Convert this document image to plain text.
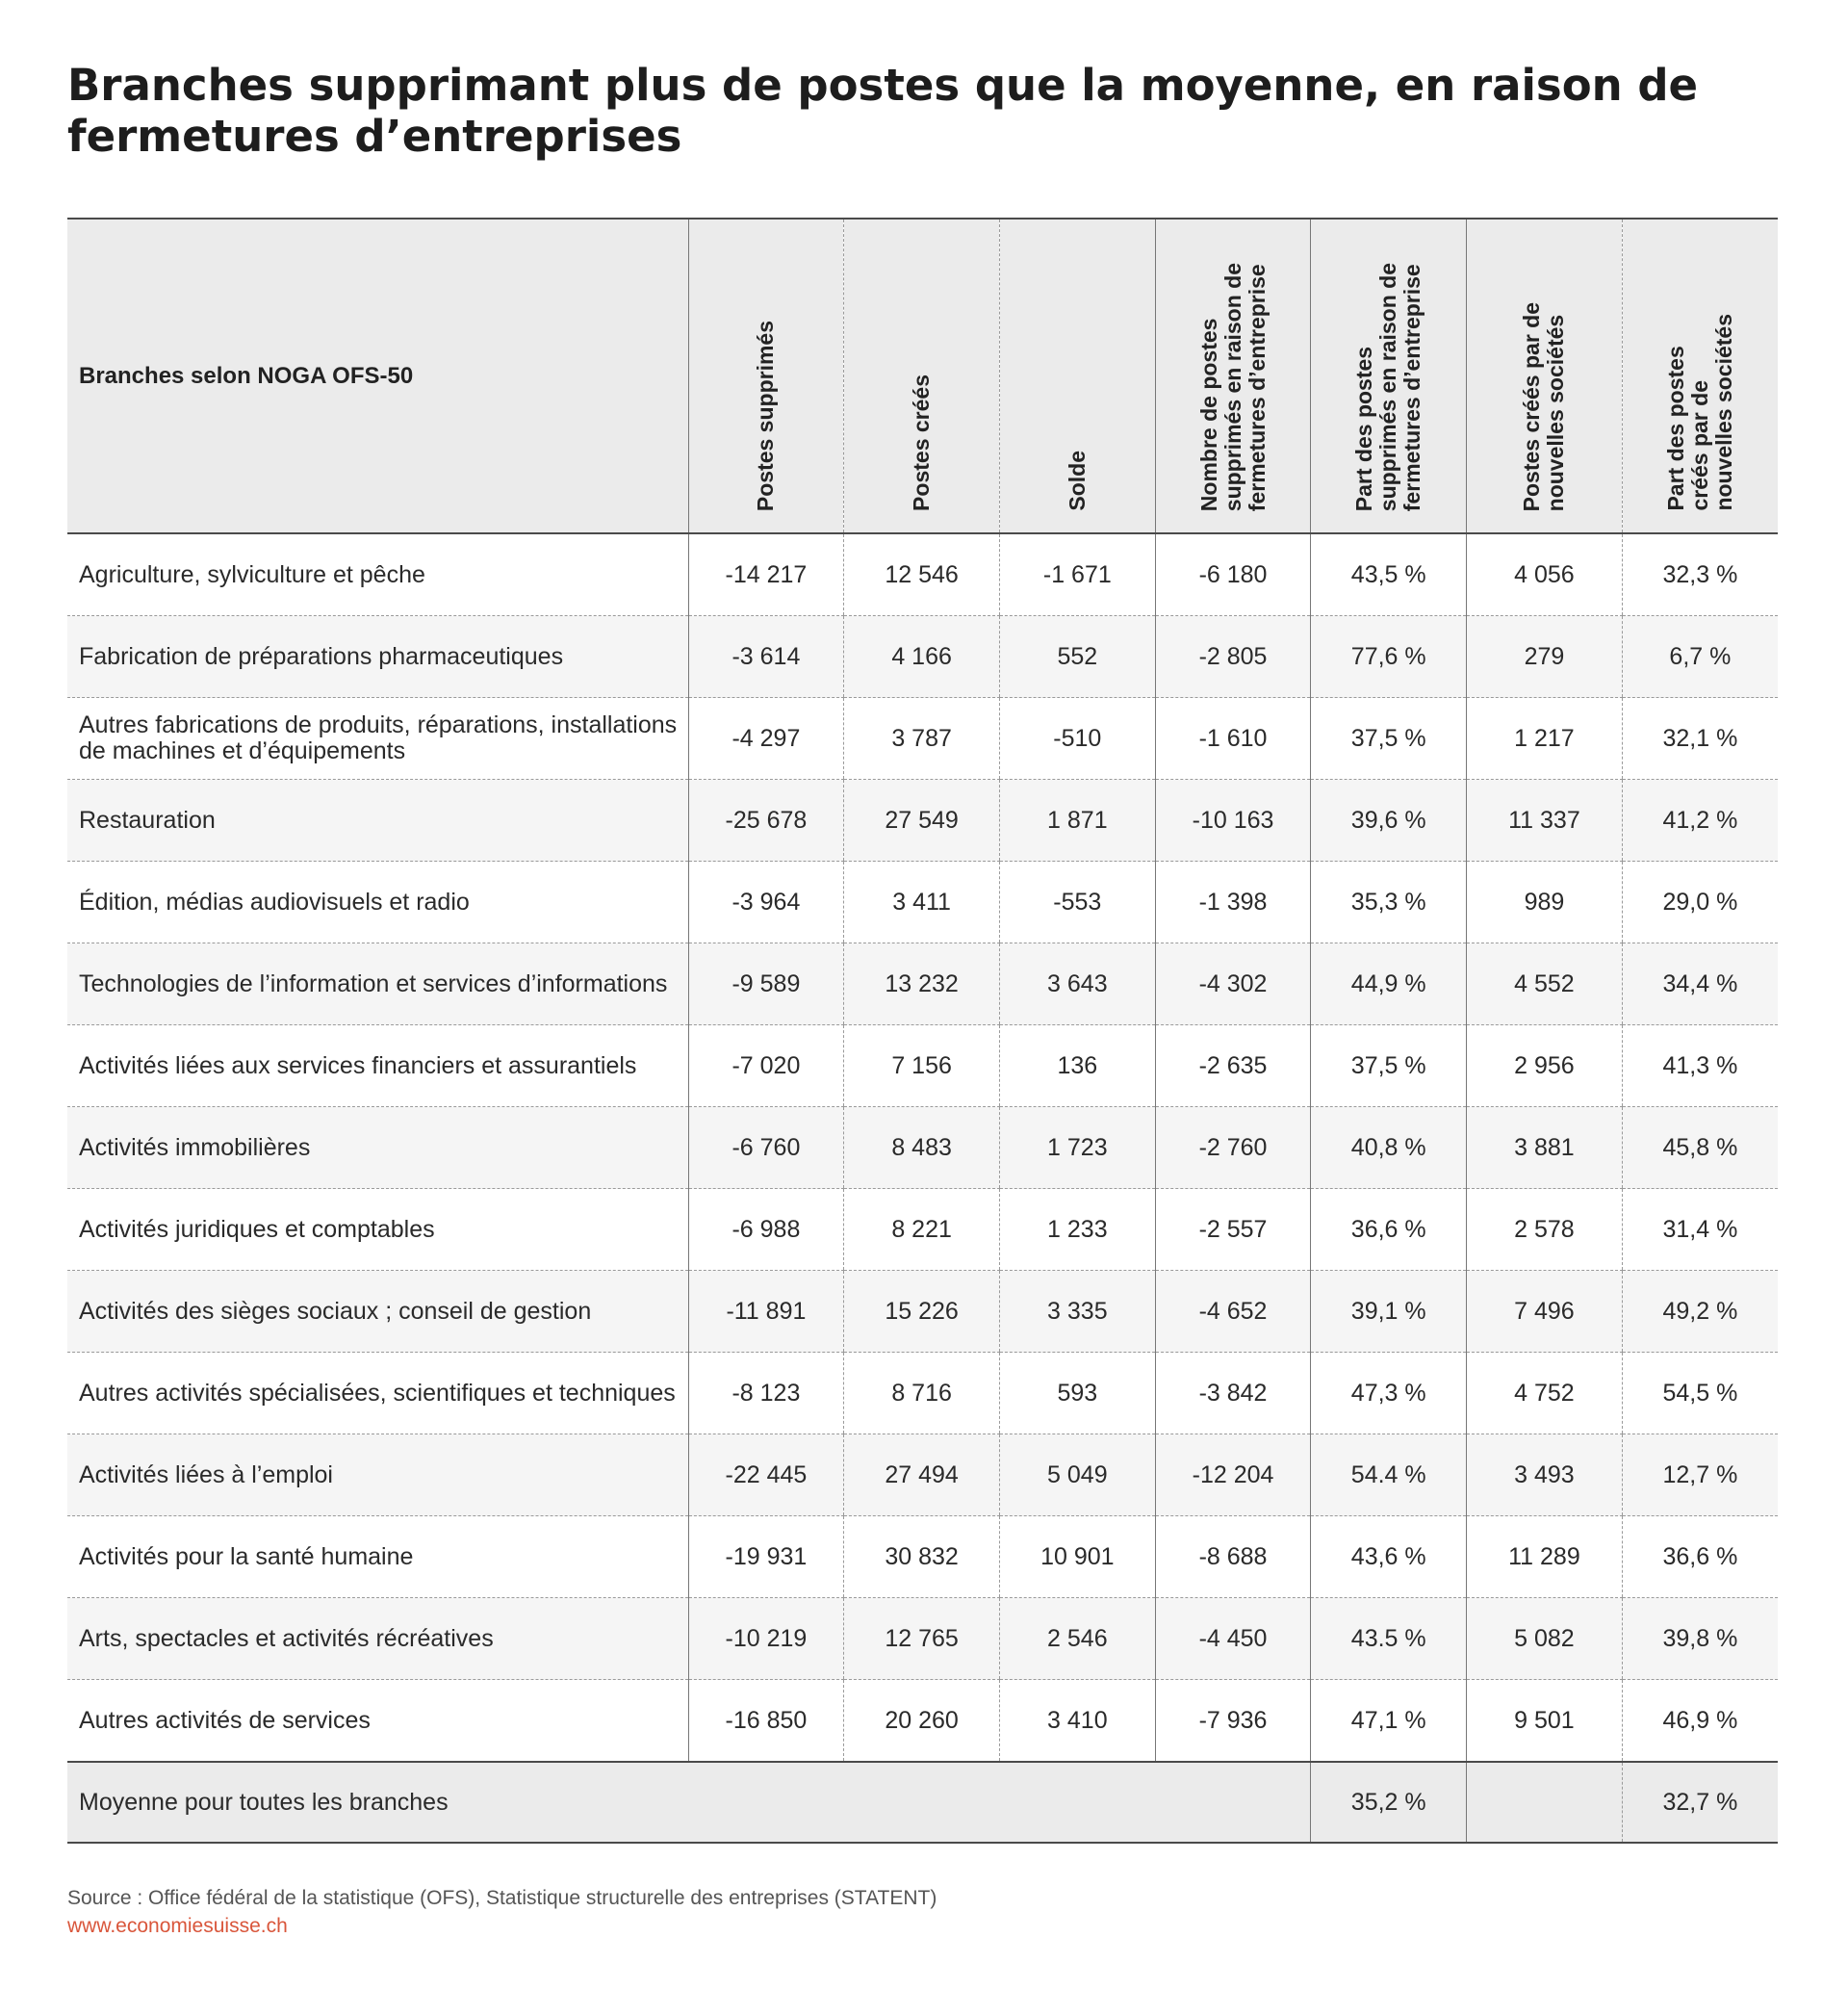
Branches supprimant plus de postes que la moyenne, en raison de fermetures d’entreprises
Branches selon NOGA OFS-50	Postes supprimés	Postes créés	Solde	Nombre de postes
supprimés en raison de
fermetures d’entreprise	Part des postes
supprimés en raison de
fermetures d’entreprise	Postes créés par de
nouvelles sociétés	Part des postes
créés par de
nouvelles sociétés

Agriculture, sylviculture et pêche	-14 217	12 546	-1 671	-6 180	43,5 %	4 056	32,3 %
Fabrication de préparations pharmaceutiques	-3 614	4 166	552	-2 805	77,6 %	279	6,7 %
Autres fabrications de produits, réparations, installations de machines et d’équipements	-4 297	3 787	-510	-1 610	37,5 %	1 217	32,1 %
Restauration	-25 678	27 549	1 871	-10 163	39,6 %	11 337	41,2 %
Édition, médias audiovisuels et radio	-3 964	3 411	-553	-1 398	35,3 %	989	29,0 %
Technologies de l’information et services d’informations	-9 589	13 232	3 643	-4 302	44,9 %	4 552	34,4 %
Activités liées aux services financiers et assurantiels	-7 020	7 156	136	-2 635	37,5 %	2 956	41,3 %
Activités immobilières	-6 760	8 483	1 723	-2 760	40,8 %	3 881	45,8 %
Activités juridiques et comptables	-6 988	8 221	1 233	-2 557	36,6 %	2 578	31,4 %
Activités des sièges sociaux ; conseil de gestion	-11 891	15 226	3 335	-4 652	39,1 %	7 496	49,2 %
Autres activités spécialisées, scientifiques et techniques	-8 123	8 716	593	-3 842	47,3 %	4 752	54,5 %
Activités liées à l’emploi	-22 445	27 494	5 049	-12 204	54.4 %	3 493	12,7 %
Activités pour la santé humaine	-19 931	30 832	10 901	-8 688	43,6 %	11 289	36,6 %
Arts, spectacles et activités récréatives	-10 219	12 765	2 546	-4 450	43.5 %	5 082	39,8 %
Autres activités de services	-16 850	20 260	3 410	-7 936	47,1 %	9 501	46,9 %
Moyenne pour toutes les branches					35,2 %		32,7 %
Source : Office fédéral de la statistique (OFS), Statistique structurelle des entreprises (STATENT)
www.economiesuisse.ch
